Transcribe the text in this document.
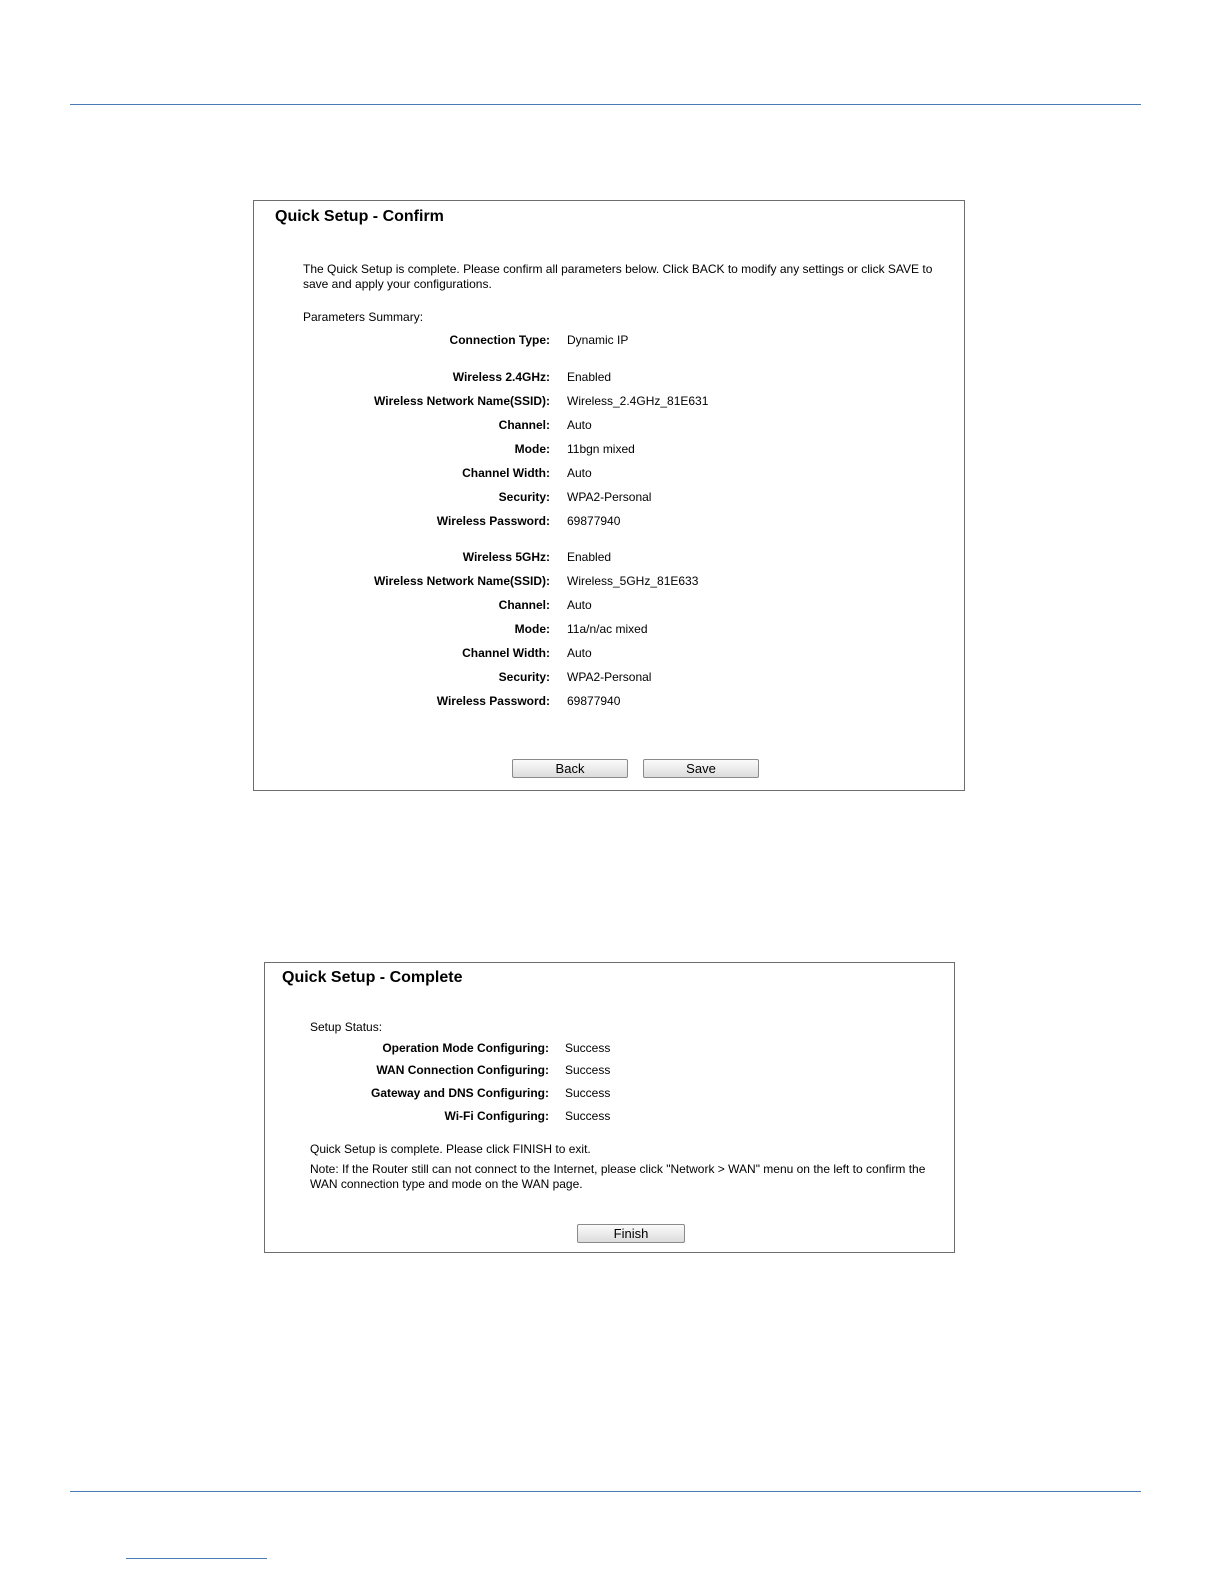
Quick Setup - Confirm
The Quick Setup is complete. Please confirm all parameters below. Click BACK to modify any settings or click SAVE to save and apply your configurations.
Parameters Summary:
Connection Type: Dynamic IP
Wireless 2.4GHz: Enabled
Wireless Network Name(SSID): Wireless_2.4GHz_81E631
Channel: Auto
Mode: 11bgn mixed
Channel Width: Auto
Security: WPA2-Personal
Wireless Password: 69877940
Wireless 5GHz: Enabled
Wireless Network Name(SSID): Wireless_5GHz_81E633
Channel: Auto
Mode: 11a/n/ac mixed
Channel Width: Auto
Security: WPA2-Personal
Wireless Password: 69877940
Back	Save
Quick Setup - Complete
Setup Status:
Operation Mode Configuring: Success
WAN Connection Configuring: Success
Gateway and DNS Configuring: Success
Wi-Fi Configuring: Success
Quick Setup is complete. Please click FINISH to exit.
Note: If the Router still can not connect to the Internet, please click "Network > WAN" menu on the left to confirm the WAN connection type and mode on the WAN page.
Finish
